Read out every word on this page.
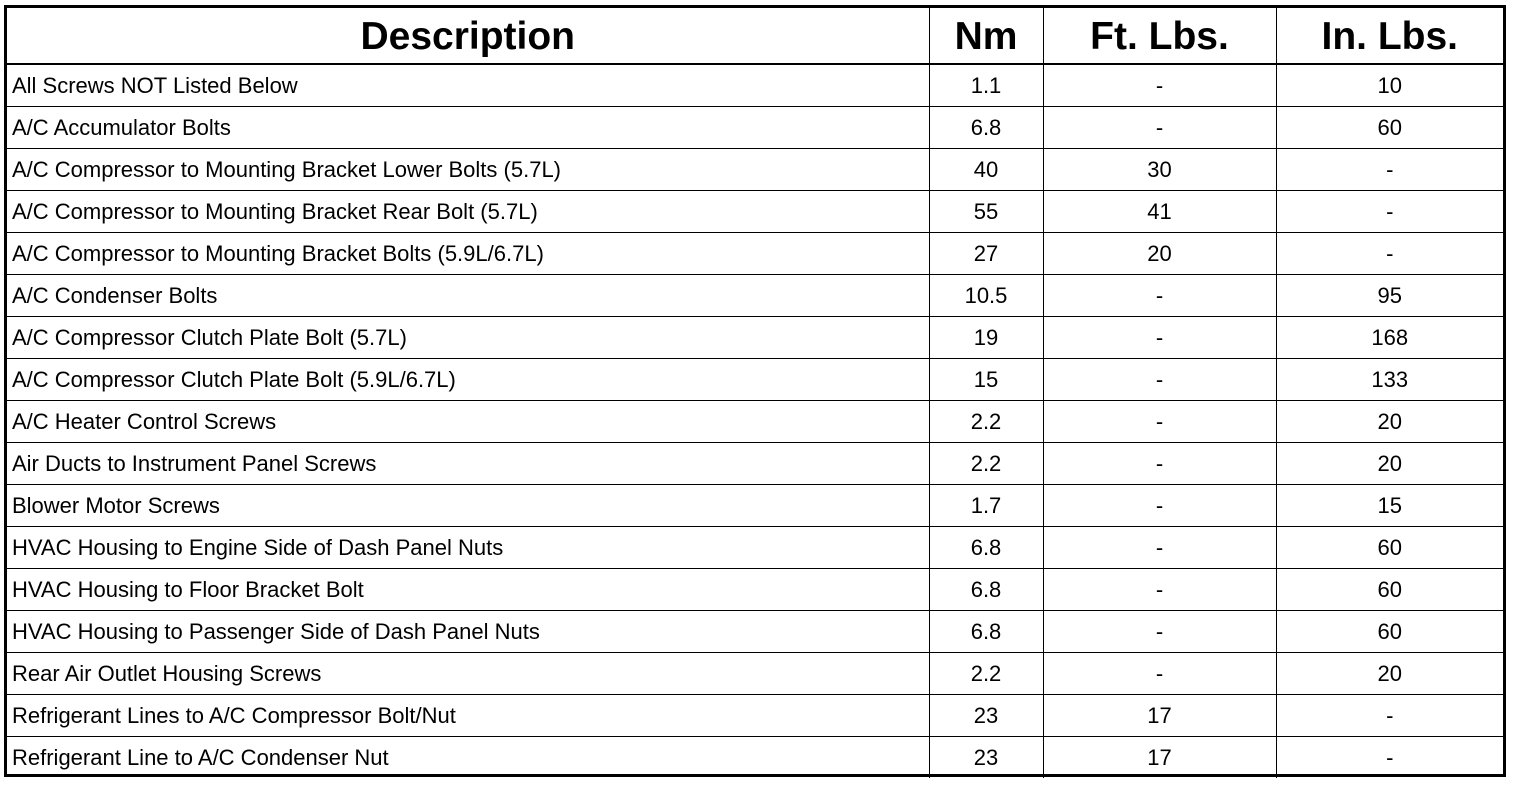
Description	Nm	Ft. Lbs.	In. Lbs.
All Screws NOT Listed Below	1.1	-	10
A/C Accumulator Bolts	6.8	-	60
A/C Compressor to Mounting Bracket Lower Bolts (5.7L)	40	30	-
A/C Compressor to Mounting Bracket Rear Bolt (5.7L)	55	41	-
A/C Compressor to Mounting Bracket Bolts (5.9L/6.7L)	27	20	-
A/C Condenser Bolts	10.5	-	95
A/C Compressor Clutch Plate Bolt (5.7L)	19	-	168
A/C Compressor Clutch Plate Bolt (5.9L/6.7L)	15	-	133
A/C Heater Control Screws	2.2	-	20
Air Ducts to Instrument Panel Screws	2.2	-	20
Blower Motor Screws	1.7	-	15
HVAC Housing to Engine Side of Dash Panel Nuts	6.8	-	60
HVAC Housing to Floor Bracket Bolt	6.8	-	60
HVAC Housing to Passenger Side of Dash Panel Nuts	6.8	-	60
Rear Air Outlet Housing Screws	2.2	-	20
Refrigerant Lines to A/C Compressor Bolt/Nut	23	17	-
Refrigerant Line to A/C Condenser Nut	23	17	-
